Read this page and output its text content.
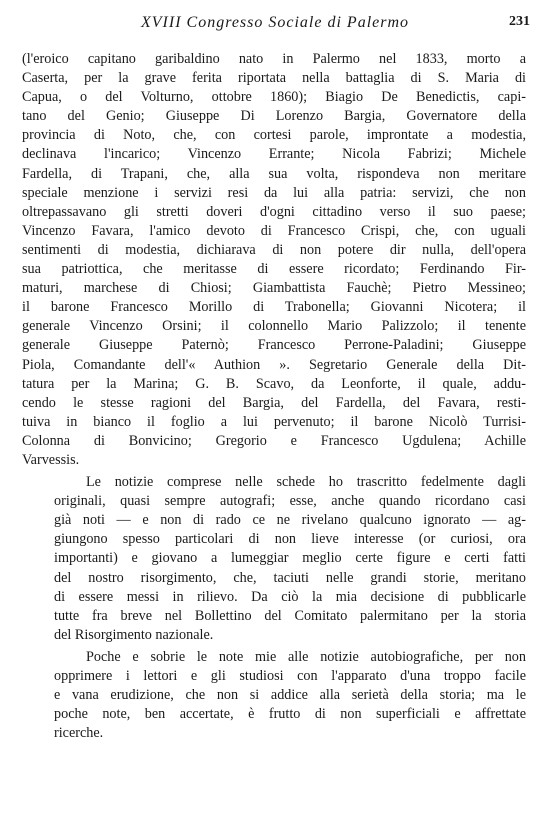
XVIII Congresso Sociale di Palermo	231
(l'eroico capitano garibaldino nato in Palermo nel 1833, morto a
Caserta, per la grave ferita riportata nella battaglia di S. Maria di
Capua, o del Volturno, ottobre 1860); Biagio De Benedictis, capi-
tano del Genio; Giuseppe Di Lorenzo Bargia, Governatore della
provincia di Noto, che, con cortesi parole, improntate a modestia,
declinava l'incarico; Vincenzo Errante; Nicola Fabrizi; Michele
Fardella, di Trapani, che, alla sua volta, rispondeva non meritare
speciale menzione i servizi resi da lui alla patria: servizi, che non
oltrepassavano gli stretti doveri d'ogni cittadino verso il suo paese;
Vincenzo Favara, l'amico devoto di Francesco Crispi, che, con uguali
sentimenti di modestia, dichiarava di non potere dir nulla, dell'opera
sua patriottica, che meritasse di essere ricordato; Ferdinando Fir-
maturi, marchese di Chiosi; Giambattista Fauchè; Pietro Messineo;
il barone Francesco Morillo di Trabonella; Giovanni Nicotera; il
generale Vincenzo Orsini; il colonnello Mario Palizzolo; il tenente
generale Giuseppe Paternò; Francesco Perrone-Paladini; Giuseppe
Piola, Comandante dell'« Authion ». Segretario Generale della Dit-
tatura per la Marina; G. B. Scavo, da Leonforte, il quale, addu-
cendo le stesse ragioni del Bargia, del Fardella, del Favara, resti-
tuiva in bianco il foglio a lui pervenuto; il barone Nicolò Turrisi-
Colonna di Bonvicino; Gregorio e Francesco Ugdulena; Achille
Varvessis.
Le notizie comprese nelle schede ho trascritto fedelmente dagli
originali, quasi sempre autografi; esse, anche quando ricordano casi
già noti — e non di rado ce ne rivelano qualcuno ignorato — ag-
giungono spesso particolari di non lieve interesse (or curiosi, ora
importanti) e giovano a lumeggiar meglio certe figure e certi fatti
del nostro risorgimento, che, taciuti nelle grandi storie, meritano
di essere messi in rilievo. Da ciò la mia decisione di pubblicarle
tutte fra breve nel Bollettino del Comitato palermitano per la storia
del Risorgimento nazionale.
Poche e sobrie le note mie alle notizie autobiografiche, per non
opprimere i lettori e gli studiosi con l'apparato d'una troppo facile
e vana erudizione, che non si addice alla serietà della storia; ma le
poche note, ben accertate, è frutto di non superficiali e affrettate
ricerche.
